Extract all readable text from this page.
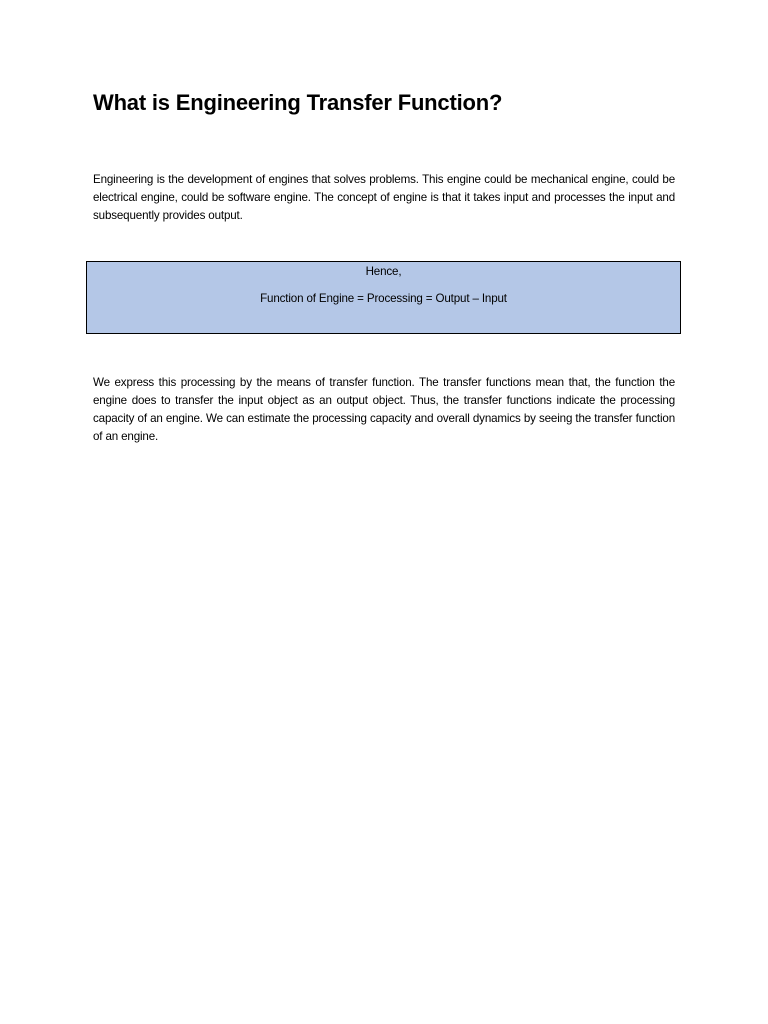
What is Engineering Transfer Function?

Engineering is the development of engines that solves problems. This engine could be mechanical engine, could be electrical engine, could be software engine. The concept of engine is that it takes input and processes the input and subsequently provides output.

Hence,

Function of Engine = Processing = Output – Input

We express this processing by the means of transfer function. The transfer functions mean that, the function the engine does to transfer the input object as an output object. Thus, the transfer functions indicate the processing capacity of an engine. We can estimate the processing capacity and overall dynamics by seeing the transfer function of an engine.
